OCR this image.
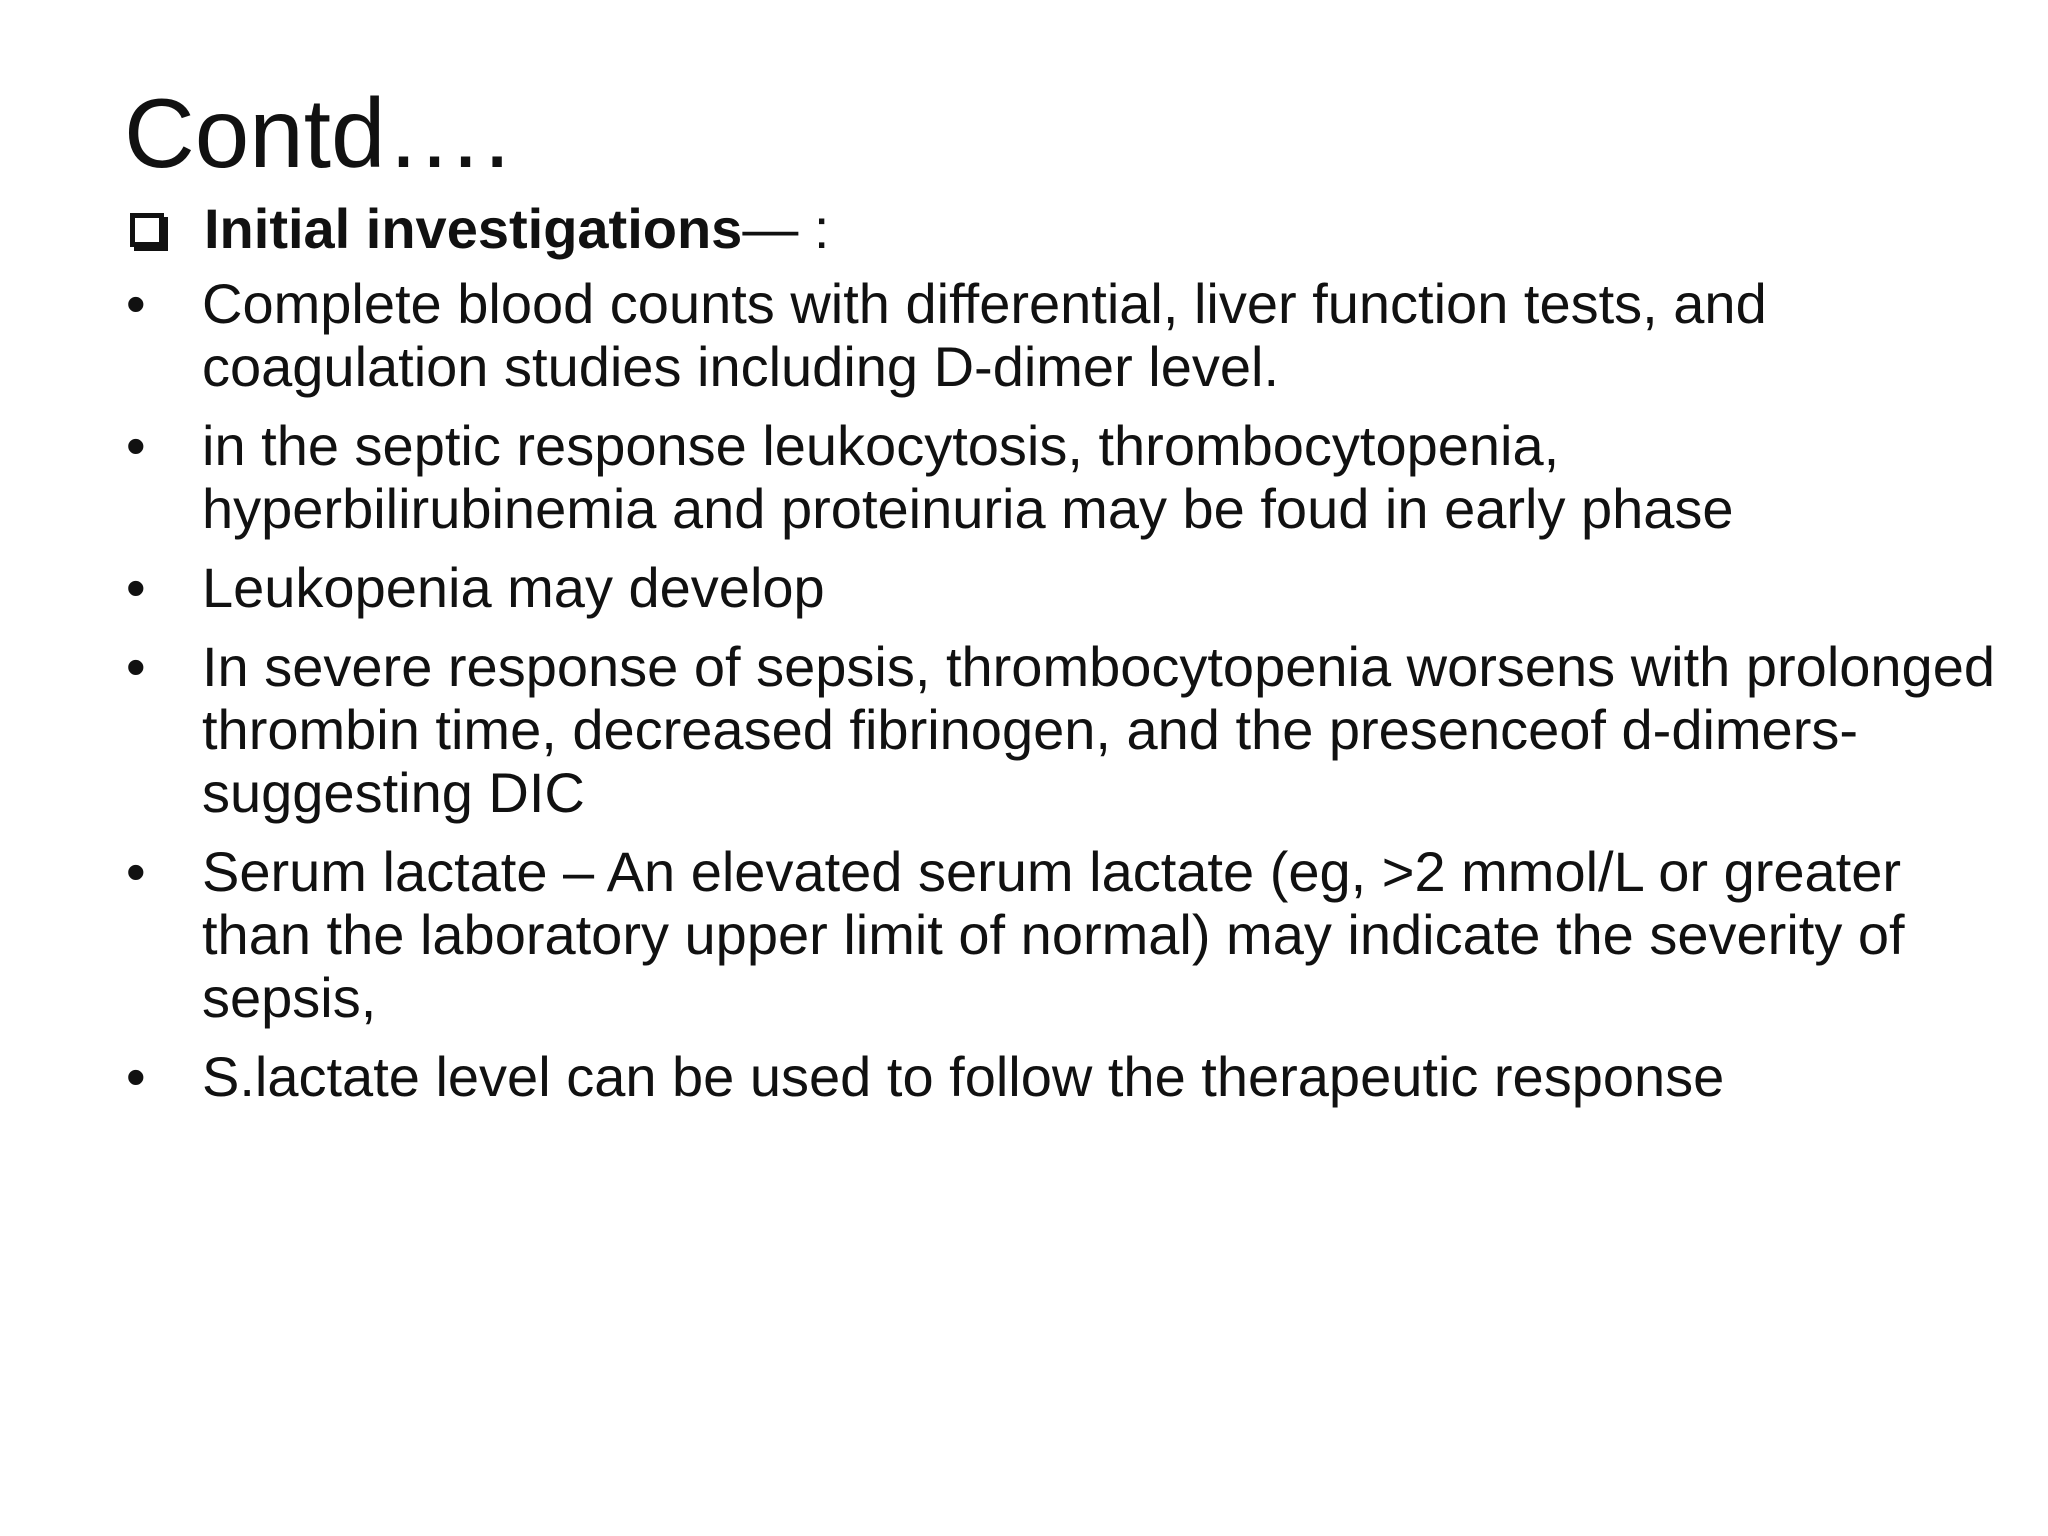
Contd….
Initial investigations — :
•	Complete blood counts with differential, liver function tests, and coagulation studies including D-dimer level.
•	in the septic response leukocytosis, thrombocytopenia, hyperbilirubinemia and proteinuria may be foud in early phase
•	Leukopenia may develop
•	In severe response of sepsis, thrombocytopenia worsens with prolonged thrombin time, decreased fibrinogen, and the presenceof d-dimers-suggesting DIC
•	Serum lactate – An elevated serum lactate (eg, >2 mmol/L or greater than the laboratory upper limit of normal) may indicate the severity of sepsis,
•	S.lactate level can be used to follow the therapeutic response
